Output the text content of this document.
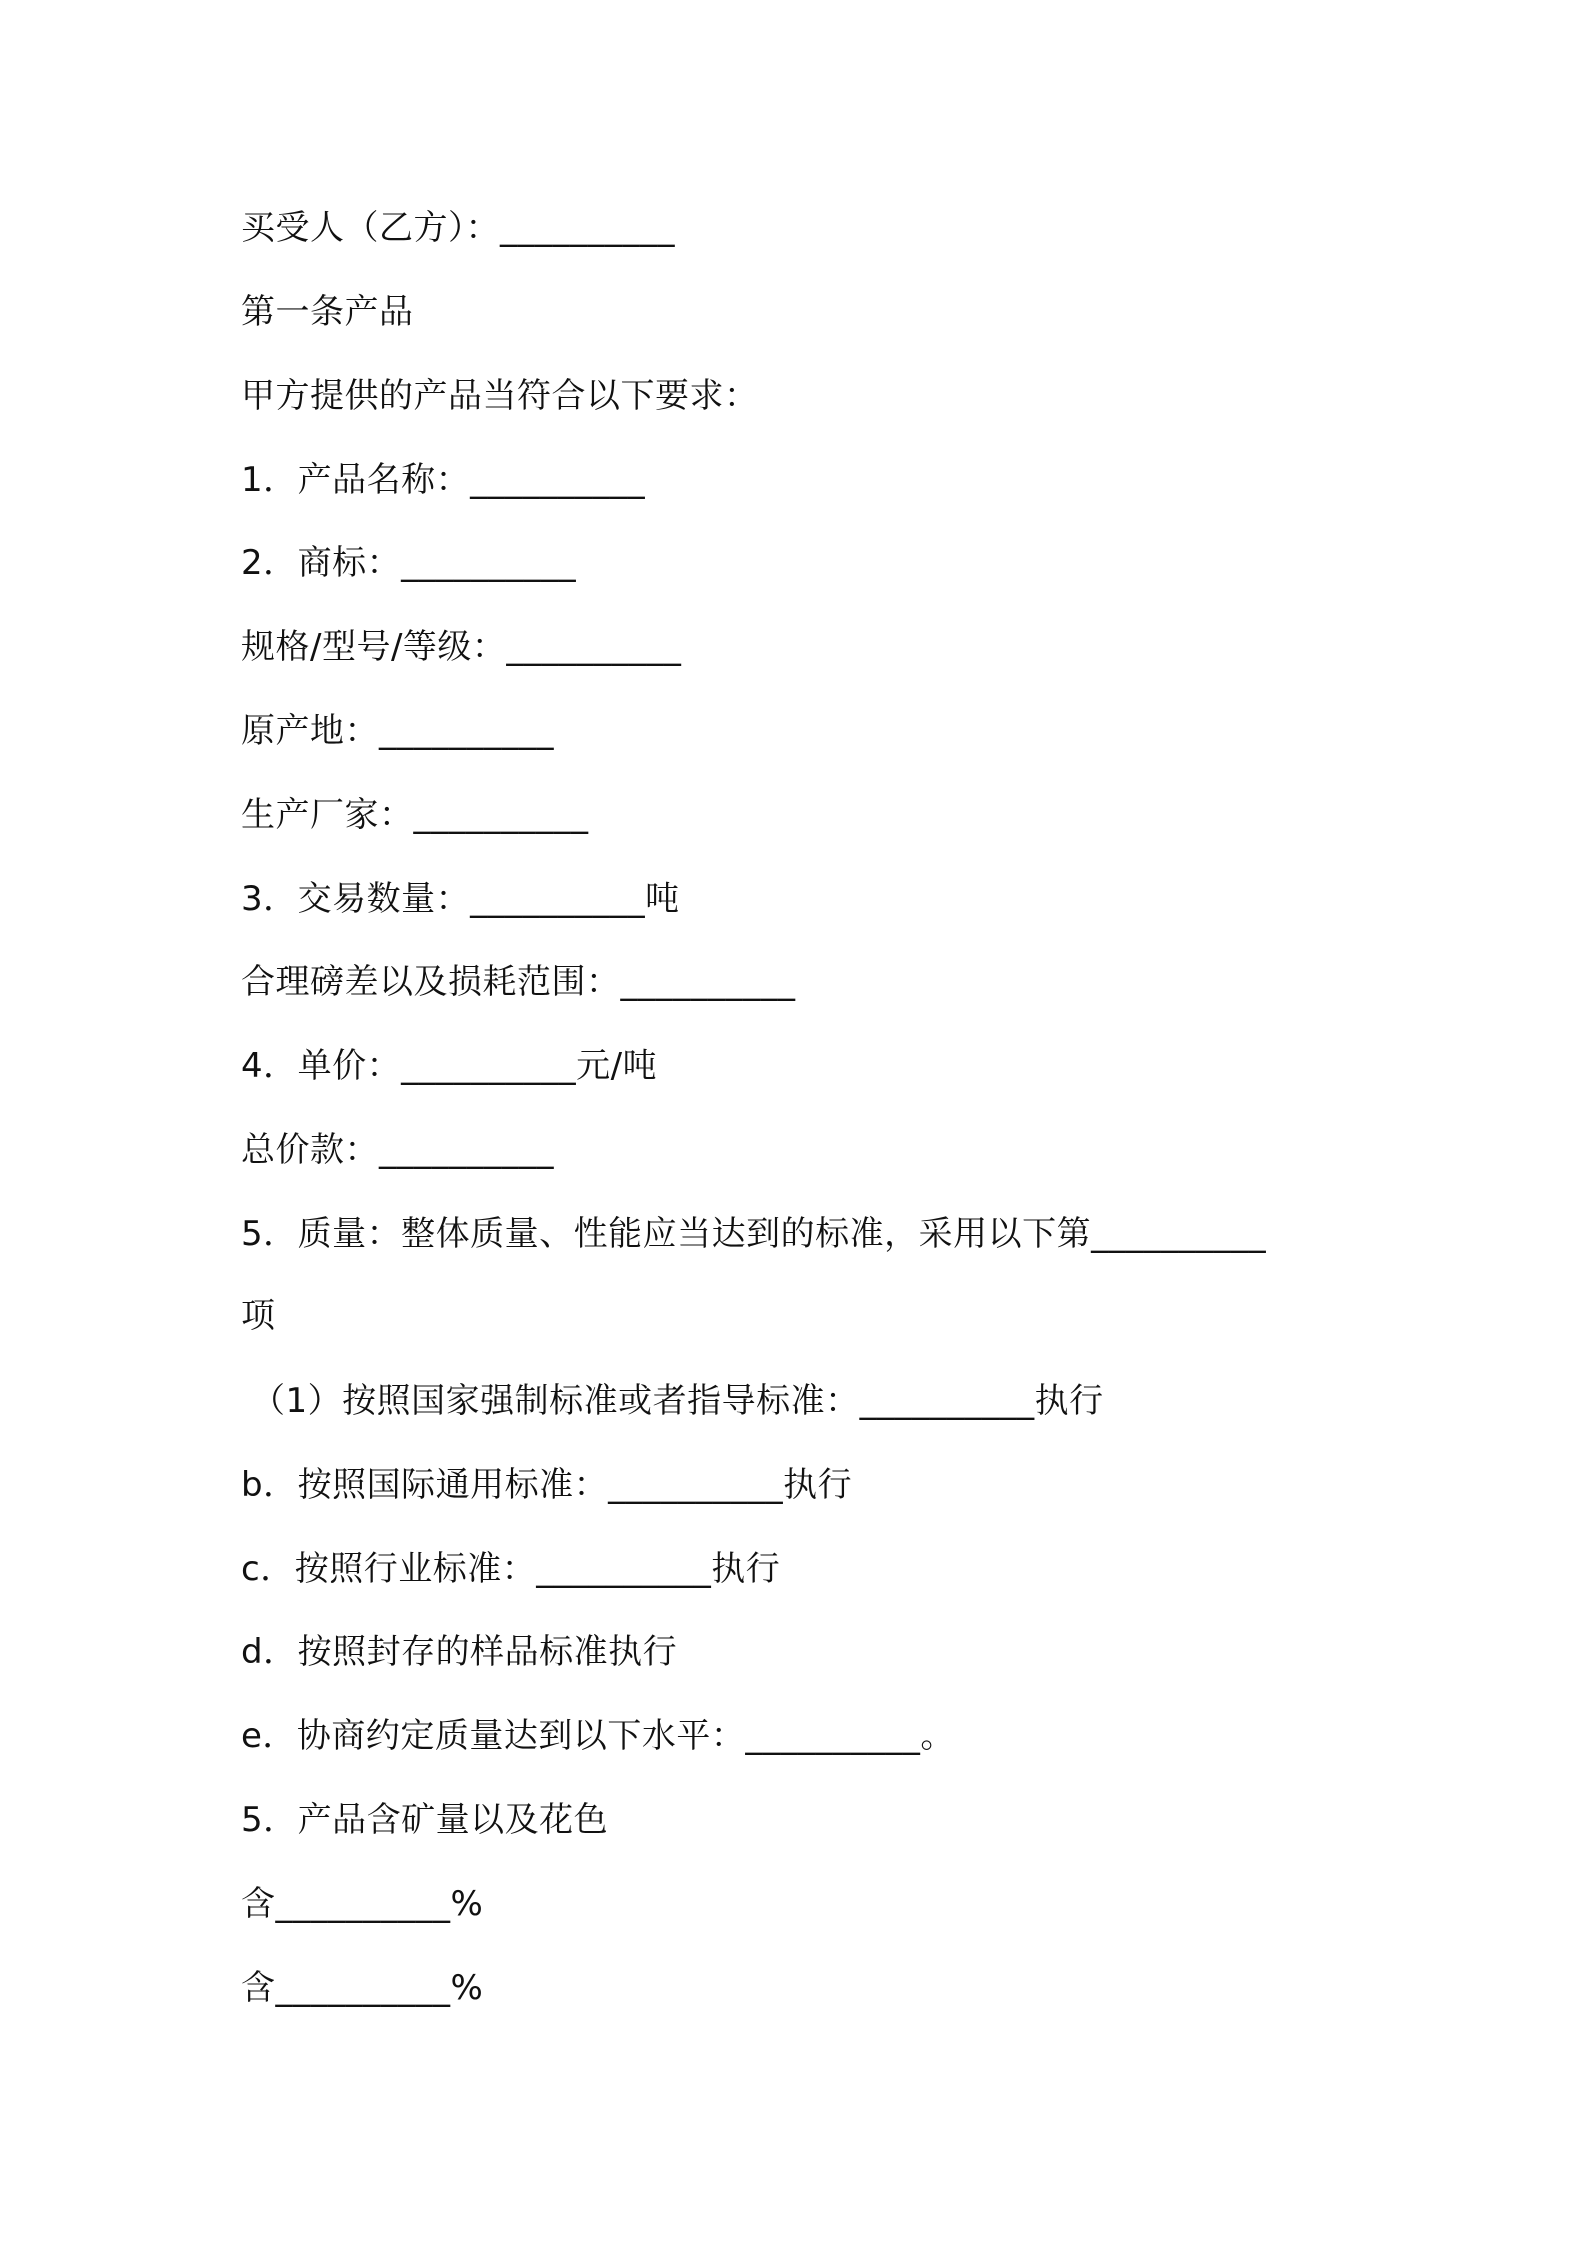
买受人（乙方）：__________
第一条产品
甲方提供的产品当符合以下要求：
1．产品名称：__________
2．商标：__________
规格/型号/等级：__________
原产地：__________
生产厂家：__________
3．交易数量：__________吨
合理磅差以及损耗范围：__________
4．单价：__________元/吨
总价款：__________
5．质量：整体质量、性能应当达到的标准，采用以下第__________
项
（1）按照国家强制标准或者指导标准：__________执行
b．按照国际通用标准：__________执行
c．按照行业标准：__________执行
d．按照封存的样品标准执行
e．协商约定质量达到以下水平：__________。
5．产品含矿量以及花色
含__________%
含__________%
